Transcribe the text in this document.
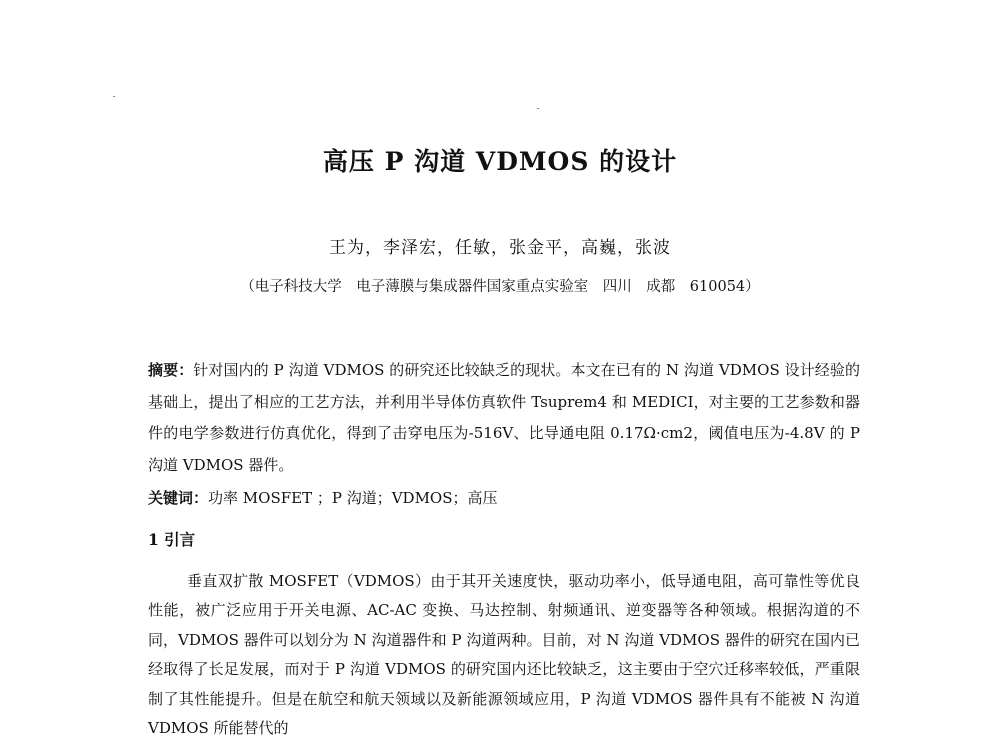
高压 P 沟道 VDMOS 的设计
王为，李泽宏，任敏，张金平，高巍，张波
（电子科技大学　电子薄膜与集成器件国家重点实验室　四川　成都　610054）
摘要：针对国内的 P 沟道 VDMOS 的研究还比较缺乏的现状。本文在已有的 N 沟道 VDMOS 设计经验的基础上，提出了相应的工艺方法，并利用半导体仿真软件 Tsuprem4 和 MEDICI，对主要的工艺参数和器件的电学参数进行仿真优化，得到了击穿电压为-516V、比导通电阻 0.17Ω·cm2，阈值电压为-4.8V 的 P 沟道 VDMOS 器件。
关键词：功率 MOSFET ；P 沟道；VDMOS；高压
1 引言
垂直双扩散 MOSFET（VDMOS）由于其开关速度快，驱动功率小，低导通电阻，高可靠性等优良性能，被广泛应用于开关电源、AC-AC 变换、马达控制、射频通讯、逆变器等各种领域。根据沟道的不同，VDMOS 器件可以划分为 N 沟道器件和 P 沟道两种。目前，对 N 沟道 VDMOS 器件的研究在国内已经取得了长足发展，而对于 P 沟道 VDMOS 的研究国内还比较缺乏，这主要由于空穴迁移率较低，严重限制了其性能提升。但是在航空和航天领域以及新能源领域应用，P 沟道 VDMOS 器件具有不能被 N 沟道 VDMOS 所能替代的
